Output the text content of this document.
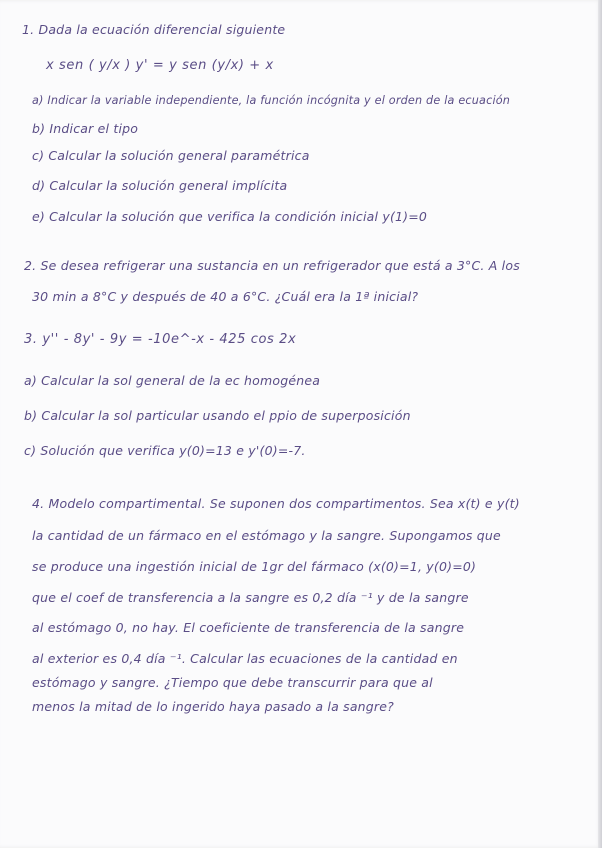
1. Dada la ecuación diferencial siguiente
x sen ( y/x ) y' = y sen (y/x) + x
a) Indicar la variable independiente, la función incógnita y el orden de la ecuación
b) Indicar el tipo
c) Calcular la solución general paramétrica
d) Calcular la solución general implícita
e) Calcular la solución que verifica la condición inicial y(1)=0
2. Se desea refrigerar una sustancia en un refrigerador que está a 3°C. A los
30 min a 8°C y después de 40 a 6°C. ¿Cuál era la 1ª inicial?
3. y'' - 8y' - 9y = -10e^-x - 425 cos 2x
a) Calcular la sol general de la ec homogénea
b) Calcular la sol particular usando el ppio de superposición
c) Solución que verifica y(0)=13 e y'(0)=-7.
4. Modelo compartimental. Se suponen dos compartimentos. Sea x(t) e y(t)
la cantidad de un fármaco en el estómago y la sangre. Supongamos que
se produce una ingestión inicial de 1gr del fármaco (x(0)=1, y(0)=0)
que el coef de transferencia a la sangre es 0,2 día ⁻¹ y de la sangre
al estómago 0, no hay. El coeficiente de transferencia de la sangre
al exterior es 0,4 día ⁻¹. Calcular las ecuaciones de la cantidad en
estómago y sangre. ¿Tiempo que debe transcurrir para que al
menos la mitad de lo ingerido haya pasado a la sangre?
